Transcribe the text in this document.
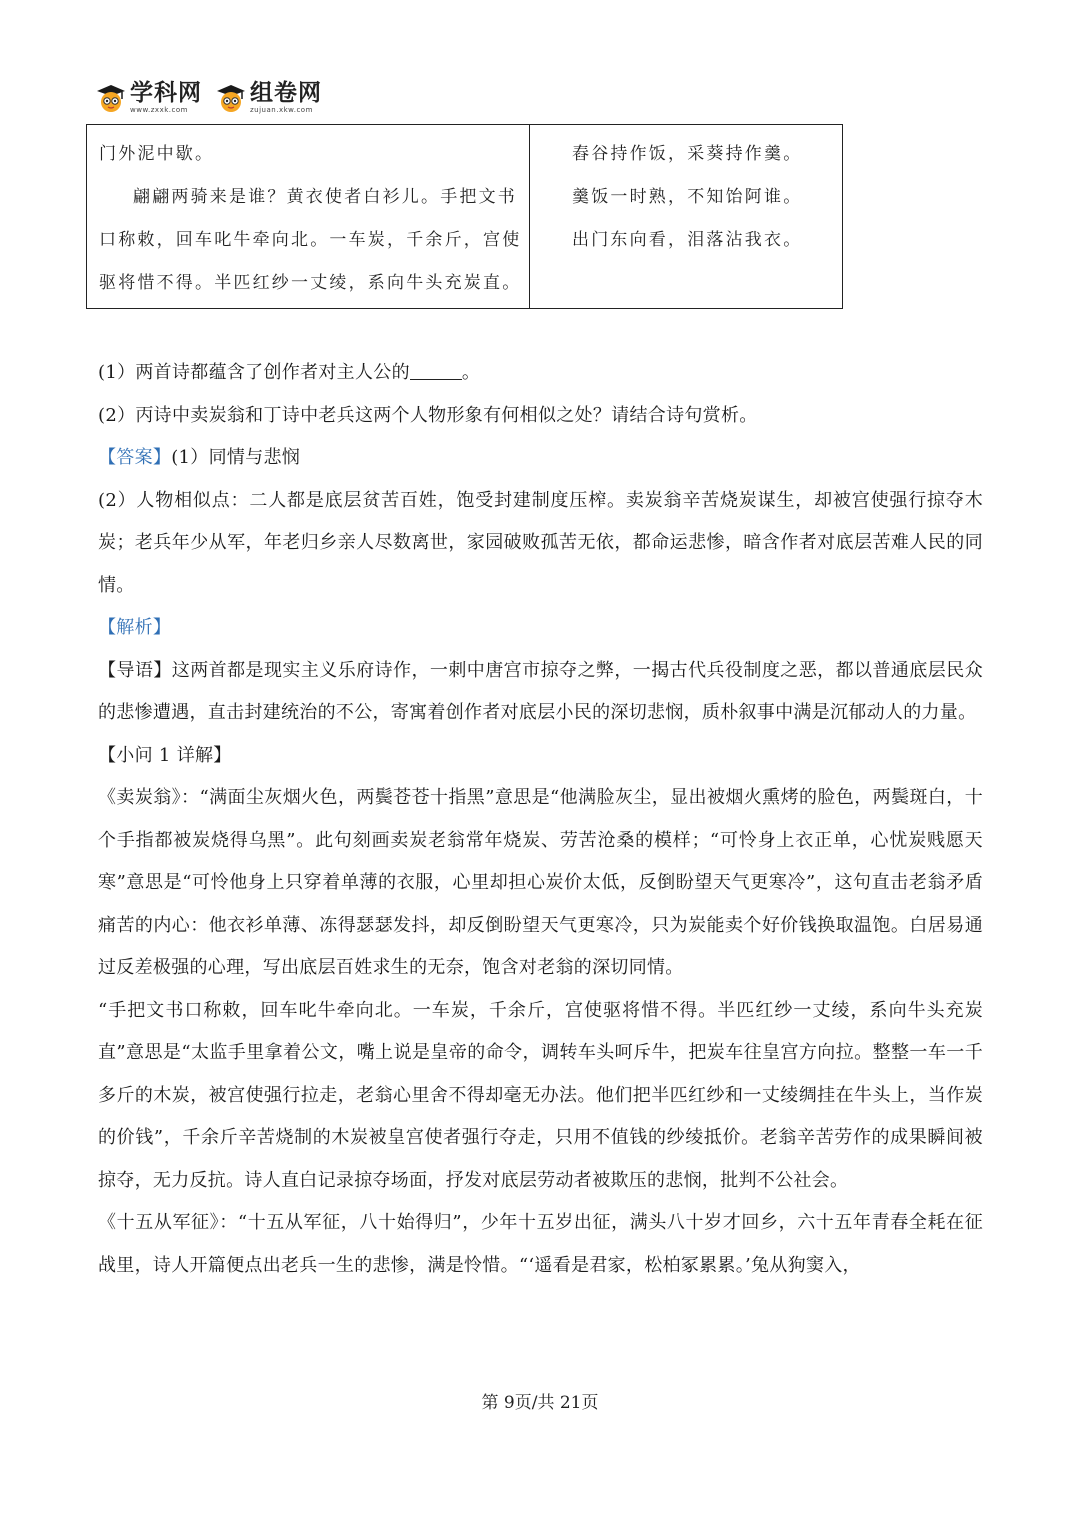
学科网
www.zxxk.com
组卷网
zujuan.xkw.com
门外泥中歇。
翩翩两骑来是谁？黄衣使者白衫儿。手把文书
口称敕，回车叱牛牵向北。一车炭，千余斤，宫使
驱将惜不得。半匹红纱一丈绫，系向牛头充炭直。
舂谷持作饭，采葵持作羹。
羹饭一时熟，不知饴阿谁。
出门东向看，泪落沾我衣。

(1）两首诗都蕴含了创作者对主人公的	。

(2）丙诗中卖炭翁和丁诗中老兵这两个人物形象有何相似之处？请结合诗句赏析。

【答案】(1）同情与悲悯

(2）人物相似点：二人都是底层贫苦百姓，饱受封建制度压榨。卖炭翁辛苦烧炭谋生，却被宫使强行掠夺木炭；老兵年少从军，年老归乡亲人尽数离世，家园破败孤苦无依，都命运悲惨，暗含作者对底层苦难人民的同情。

【解析】

【导语】这两首都是现实主义乐府诗作，一刺中唐宫市掠夺之弊，一揭古代兵役制度之恶，都以普通底层民众的悲惨遭遇，直击封建统治的不公，寄寓着创作者对底层小民的深切悲悯，质朴叙事中满是沉郁动人的力量。

【小问 1 详解】

《卖炭翁》：“满面尘灰烟火色，两鬓苍苍十指黑”意思是“他满脸灰尘，显出被烟火熏烤的脸色，两鬓斑白，十个手指都被炭烧得乌黑”。此句刻画卖炭老翁常年烧炭、劳苦沧桑的模样；“可怜身上衣正单，心忧炭贱愿天寒”意思是“可怜他身上只穿着单薄的衣服，心里却担心炭价太低，反倒盼望天气更寒冷”，这句直击老翁矛盾痛苦的内心：他衣衫单薄、冻得瑟瑟发抖，却反倒盼望天气更寒冷，只为炭能卖个好价钱换取温饱。白居易通过反差极强的心理，写出底层百姓求生的无奈，饱含对老翁的深切同情。

“手把文书口称敕，回车叱牛牵向北。一车炭，千余斤，宫使驱将惜不得。半匹红纱一丈绫，系向牛头充炭直”意思是“太监手里拿着公文，嘴上说是皇帝的命令，调转车头呵斥牛，把炭车往皇宫方向拉。整整一车一千多斤的木炭，被宫使强行拉走，老翁心里舍不得却毫无办法。他们把半匹红纱和一丈绫绸挂在牛头上，当作炭的价钱”，千余斤辛苦烧制的木炭被皇宫使者强行夺走，只用不值钱的纱绫抵价。老翁辛苦劳作的成果瞬间被掠夺，无力反抗。诗人直白记录掠夺场面，抒发对底层劳动者被欺压的悲悯，批判不公社会。

《十五从军征》：“十五从军征，八十始得归”，少年十五岁出征，满头八十岁才回乡，六十五年青春全耗在征战里，诗人开篇便点出老兵一生的悲惨，满是怜惜。“‘遥看是君家，松柏冢累累。’兔从狗窦入，

第 9页/共 21页
